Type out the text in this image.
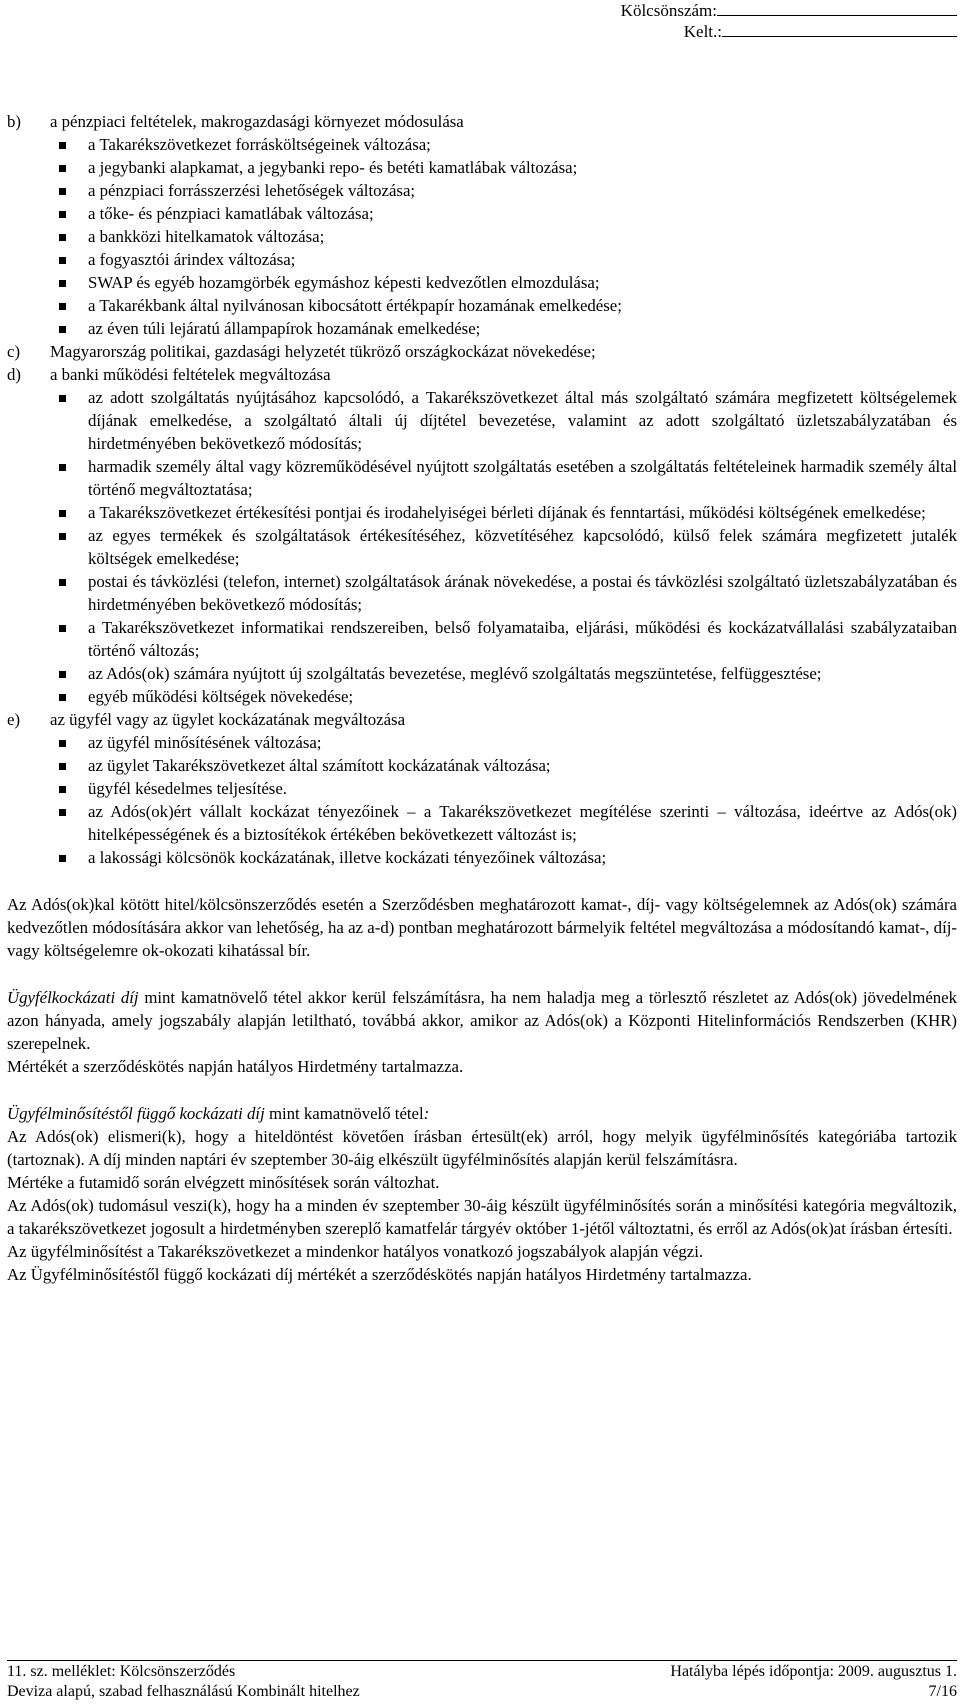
Kölcsönszám:
Kelt.:
b) a pénzpiaci feltételek, makrogazdasági környezet módosulása
a Takarékszövetkezet forrásköltségeinek változása;
a jegybanki alapkamat, a jegybanki repo- és betéti kamatlábak változása;
a pénzpiaci forrásszerzési lehetőségek változása;
a tőke- és pénzpiaci kamatlábak változása;
a bankközi hitelkamatok változása;
a fogyasztói árindex változása;
SWAP és egyéb hozamgörbék egymáshoz képesti kedvezőtlen elmozdulása;
a Takarékbank által nyilvánosan kibocsátott értékpapír hozamának emelkedése;
az éven túli lejáratú állampapírok hozamának emelkedése;
c) Magyarország politikai, gazdasági helyzetét tükröző országkockázat növekedése;
d) a banki működési feltételek megváltozása
az adott szolgáltatás nyújtásához kapcsolódó, a Takarékszövetkezet által más szolgáltató számára megfizetett költségelemek díjának emelkedése, a szolgáltató általi új díjtétel bevezetése, valamint az adott szolgáltató üzletszabályzatában és hirdetményében bekövetkező módosítás;
harmadik személy által vagy közreműködésével nyújtott szolgáltatás esetében a szolgáltatás feltételeinek harmadik személy által történő megváltoztatása;
a Takarékszövetkezet értékesítési pontjai és irodahelyiségei bérleti díjának és fenntartási, működési költségének emelkedése;
az egyes termékek és szolgáltatások értékesítéséhez, közvetítéséhez kapcsolódó, külső felek számára megfizetett jutalék költségek emelkedése;
postai és távközlési (telefon, internet) szolgáltatások árának növekedése, a postai és távközlési szolgáltató üzletszabályzatában és hirdetményében bekövetkező módosítás;
a Takarékszövetkezet informatikai rendszereiben, belső folyamataiba, eljárási, működési és kockázatvállalási szabályzataiban történő változás;
az Adós(ok) számára nyújtott új szolgáltatás bevezetése, meglévő szolgáltatás megszüntetése, felfüggesztése;
egyéb működési költségek növekedése;
e) az ügyfél vagy az ügylet kockázatának megváltozása
az ügyfél minősítésének változása;
az ügylet Takarékszövetkezet által számított kockázatának változása;
ügyfél késedelmes teljesítése.
az Adós(ok)ért vállalt kockázat tényezőinek – a Takarékszövetkezet megítélése szerinti – változása, ideértve az Adós(ok) hitelképességének és a biztosítékok értékében bekövetkezett változást is;
a lakossági kölcsönök kockázatának, illetve kockázati tényezőinek változása;

Az Adós(ok)kal kötött hitel/kölcsönszerződés esetén a Szerződésben meghatározott kamat-, díj- vagy költségelemnek az Adós(ok) számára kedvezőtlen módosítására akkor van lehetőség, ha az a-d) pontban meghatározott bármelyik feltétel megváltozása a módosítandó kamat-, díj- vagy költségelemre ok-okozati kihatással bír.

Ügyfélkockázati díj mint kamatnövelő tétel akkor kerül felszámításra, ha nem haladja meg a törlesztő részletet az Adós(ok) jövedelmének azon hányada, amely jogszabály alapján letiltható, továbbá akkor, amikor az Adós(ok) a Központi Hitelinformációs Rendszerben (KHR) szerepelnek.

Mértékét a szerződéskötés napján hatályos Hirdetmény tartalmazza.

Ügyfélminősítéstől függő kockázati díj mint kamatnövelő tétel:

Az Adós(ok) elismeri(k), hogy a hiteldöntést követően írásban értesült(ek) arról, hogy melyik ügyfélminősítés kategóriába tartozik (tartoznak). A díj minden naptári év szeptember 30-áig elkészült ügyfélminősítés alapján kerül felszámításra.

Mértéke a futamidő során elvégzett minősítések során változhat.

Az Adós(ok) tudomásul veszi(k), hogy ha a minden év szeptember 30-áig készült ügyfélminősítés során a minősítési kategória megváltozik, a takarékszövetkezet jogosult a hirdetményben szereplő kamatfelár tárgyév október 1-jétől változtatni, és erről az Adós(ok)at írásban értesíti.

Az ügyfélminősítést a Takarékszövetkezet a mindenkor hatályos vonatkozó jogszabályok alapján végzi.

Az Ügyfélminősítéstől függő kockázati díj mértékét a szerződéskötés napján hatályos Hirdetmény tartalmazza.

11. sz. melléklet: Kölcsönszerződés	Hatályba lépés időpontja: 2009. augusztus 1.
Deviza alapú, szabad felhasználású Kombinált hitelhez	7/16
